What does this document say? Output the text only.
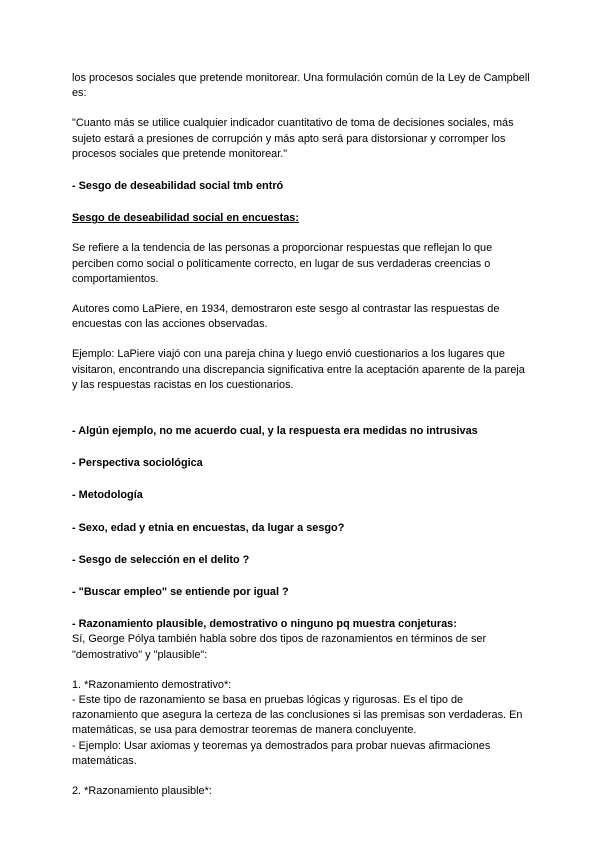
los procesos sociales que pretende monitorear. Una formulación común de la Ley de Campbell es:

"Cuanto más se utilice cualquier indicador cuantitativo de toma de decisiones sociales, más sujeto estará a presiones de corrupción y más apto será para distorsionar y corromper los procesos sociales que pretende monitorear."

- Sesgo de deseabilidad social tmb entró

Sesgo de deseabilidad social en encuestas:

Se refiere a la tendencia de las personas a proporcionar respuestas que reflejan lo que perciben como social o políticamente correcto, en lugar de sus verdaderas creencias o comportamientos.

Autores como LaPiere, en 1934, demostraron este sesgo al contrastar las respuestas de encuestas con las acciones observadas.

Ejemplo: LaPiere viajó con una pareja china y luego envió cuestionarios a los lugares que visitaron, encontrando una discrepancia significativa entre la aceptación aparente de la pareja y las respuestas racistas en los cuestionarios.

- Algún ejemplo, no me acuerdo cual, y la respuesta era medidas no intrusivas

- Perspectiva sociológica

- Metodología

- Sexo, edad y etnia en encuestas, da lugar a sesgo?

- Sesgo de selección en el delito ?

- "Buscar empleo" se entiende por igual ?

- Razonamiento plausible, demostrativo o ninguno pq muestra conjeturas:

Sí, George Pólya también habla sobre dos tipos de razonamientos en términos de ser "demostrativo" y "plausible":

1. *Razonamiento demostrativo*:

- Este tipo de razonamiento se basa en pruebas lógicas y rigurosas. Es el tipo de razonamiento que asegura la certeza de las conclusiones si las premisas son verdaderas. En matemáticas, se usa para demostrar teoremas de manera concluyente.

- Ejemplo: Usar axiomas y teoremas ya demostrados para probar nuevas afirmaciones matemáticas.

2. *Razonamiento plausible*:
